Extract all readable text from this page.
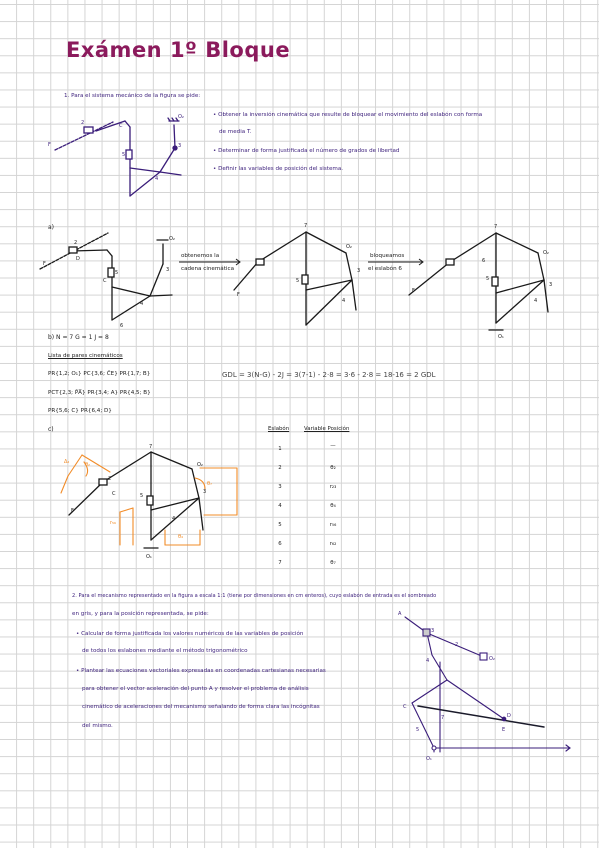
Exámen 1º Bloque
1. Para el sistema mecánico de la figura se pide:
• Obtener la inversión cinemática que resulte de bloquear el movimiento del eslabón con forma
de media T.
• Determinar de forma justificada el número de grados de libertad
• Definir las variables de posición del sistema.
a)
obtenemos la
cadena cinemática
bloqueamos
el eslabón 6
b) N = 7 G = 1 J = 8
Lista de pares cinemáticos
PR{1,2; O₁} PC{3,6; ĈE} PR{1,7; B}
PCT{2,3; P̄A̅} PR{3,4; A} PR{4,5; B}
PR{5,6; C} PR{6,4; D}
GDL = 3(N-G) - 2J = 3(7-1) - 2·8 = 3·6 - 2·8 = 18-16 = 2 GDL
c)	Eslabón	Variable Posición
1	—
2	θ₂
3	r₂₃
4	θ₄
5	r₅₆
6	r₆₂
7	θ₇
2. Para el mecanismo representado en la figura a escala 1:1 (tiene por dimensiones en cm enteros), cuyo eslabón de entrada es el sombreado
en gris, y para la posición representada, se pide:
• Calcular de forma justificada los valores numéricos de las variables de posición
de todos los eslabones mediante el método trigonométrico
• Plantear las ecuaciones vectoriales expresadas en coordenadas cartesianas necesarias
para obtener el vector aceleración del punto A y resolver el problema de análisis
cinemático de aceleraciones del mecanismo señalando de forma clara las incógnitas
del mismo.
F
2	C
5
4
3
O₂
F
2
D
C
5
4
3
O₂
6
7
O₂
3
5
4
F
7
O₂
3
5
4
F
O₁
6
7
O₂
3
5
4
F
2
C
O₁
Δ₂	θ₂
θ₇
θ₄
r₅₆
A
3
2
O₂
4
C
5
7	D
E
O₁
